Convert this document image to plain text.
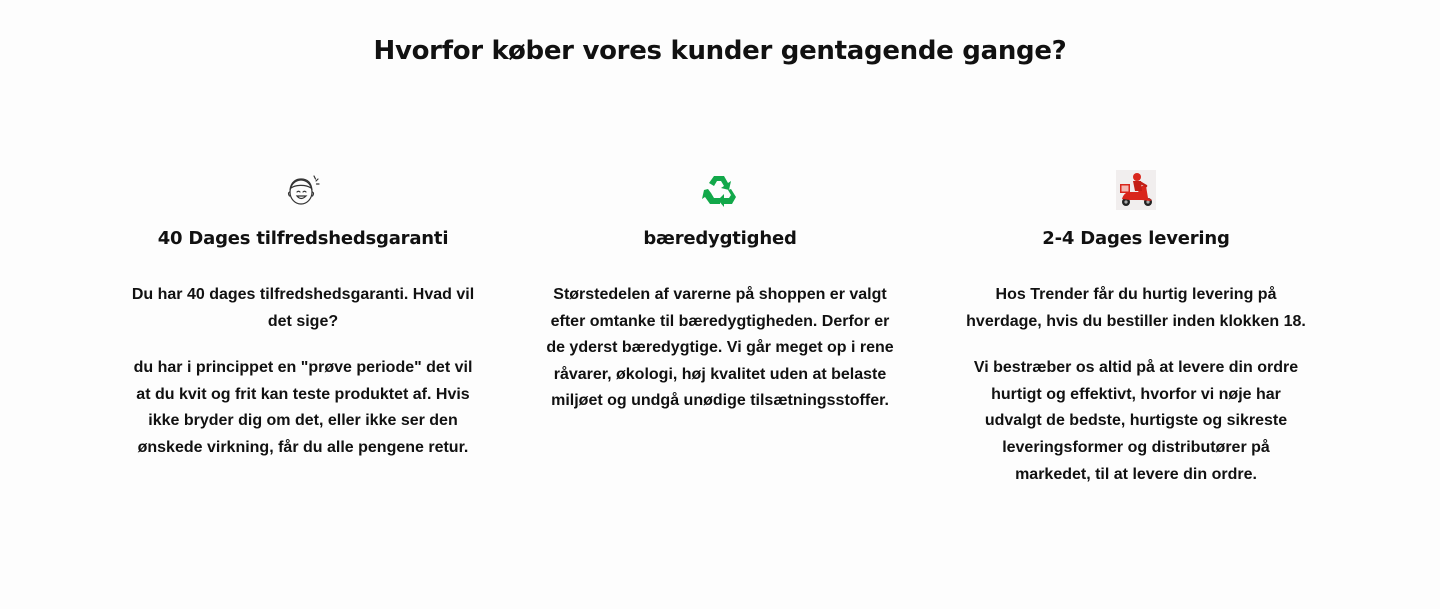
Hvorfor køber vores kunder gentagende gange?
40 Dages tilfredshedsgaranti

Du har 40 dages tilfredshedsgaranti. Hvad vil det sige?

du har i princippet en "prøve periode" det vil at du kvit og frit kan teste produktet af. Hvis ikke bryder dig om det, eller ikke ser den ønskede virkning, får du alle pengene retur.

bæredygtighed

Størstedelen af varerne på shoppen er valgt efter omtanke til bæredygtigheden. Derfor er de yderst bæredygtige. Vi går meget op i rene råvarer, økologi, høj kvalitet uden at belaste miljøet og undgå unødige tilsætningsstoffer.

2-4 Dages levering

Hos Trender får du hurtig levering på hverdage, hvis du bestiller inden klokken 18.

Vi bestræber os altid på at levere din ordre hurtigt og effektivt, hvorfor vi nøje har udvalgt de bedste, hurtigste og sikreste leveringsformer og distributører på markedet, til at levere din ordre.
